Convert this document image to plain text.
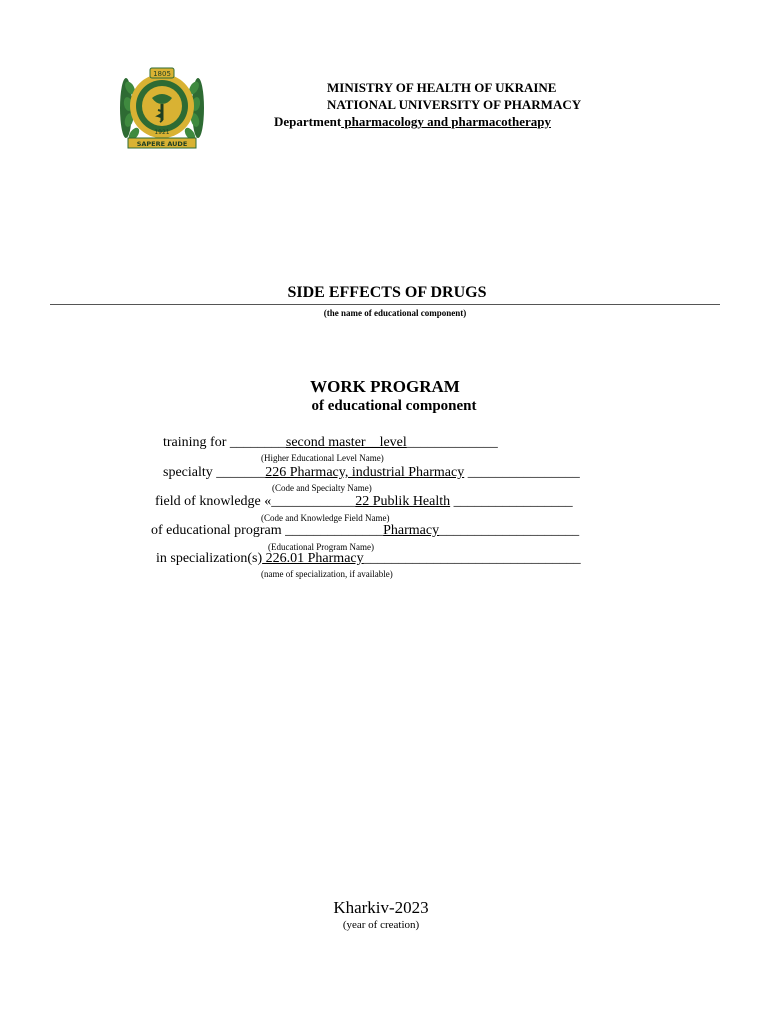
1805
1921
SAPERE AUDE
MINISTRY OF HEALTH OF UKRAINE
NATIONAL UNIVERSITY OF PHARMACY
Department pharmacology and pharmacotherapy
SIDE EFFECTS OF DRUGS
(the name of educational component)
WORK PROGRAM
of educational component
training for ________second master__level_____________
(Higher Educational Level Name)
specialty _______226 Pharmacy, industrial Pharmacy ________________
(Code and Specialty Name)
field of knowledge «____________22 Publik Health _________________
(Code and Knowledge Field Name)
of educational program ______________Pharmacy____________________
(Educational Program Name)
in specialization(s) 226.01 Pharmacy_______________________________
(name of specialization, if available)
Kharkiv-2023
(year of creation)
